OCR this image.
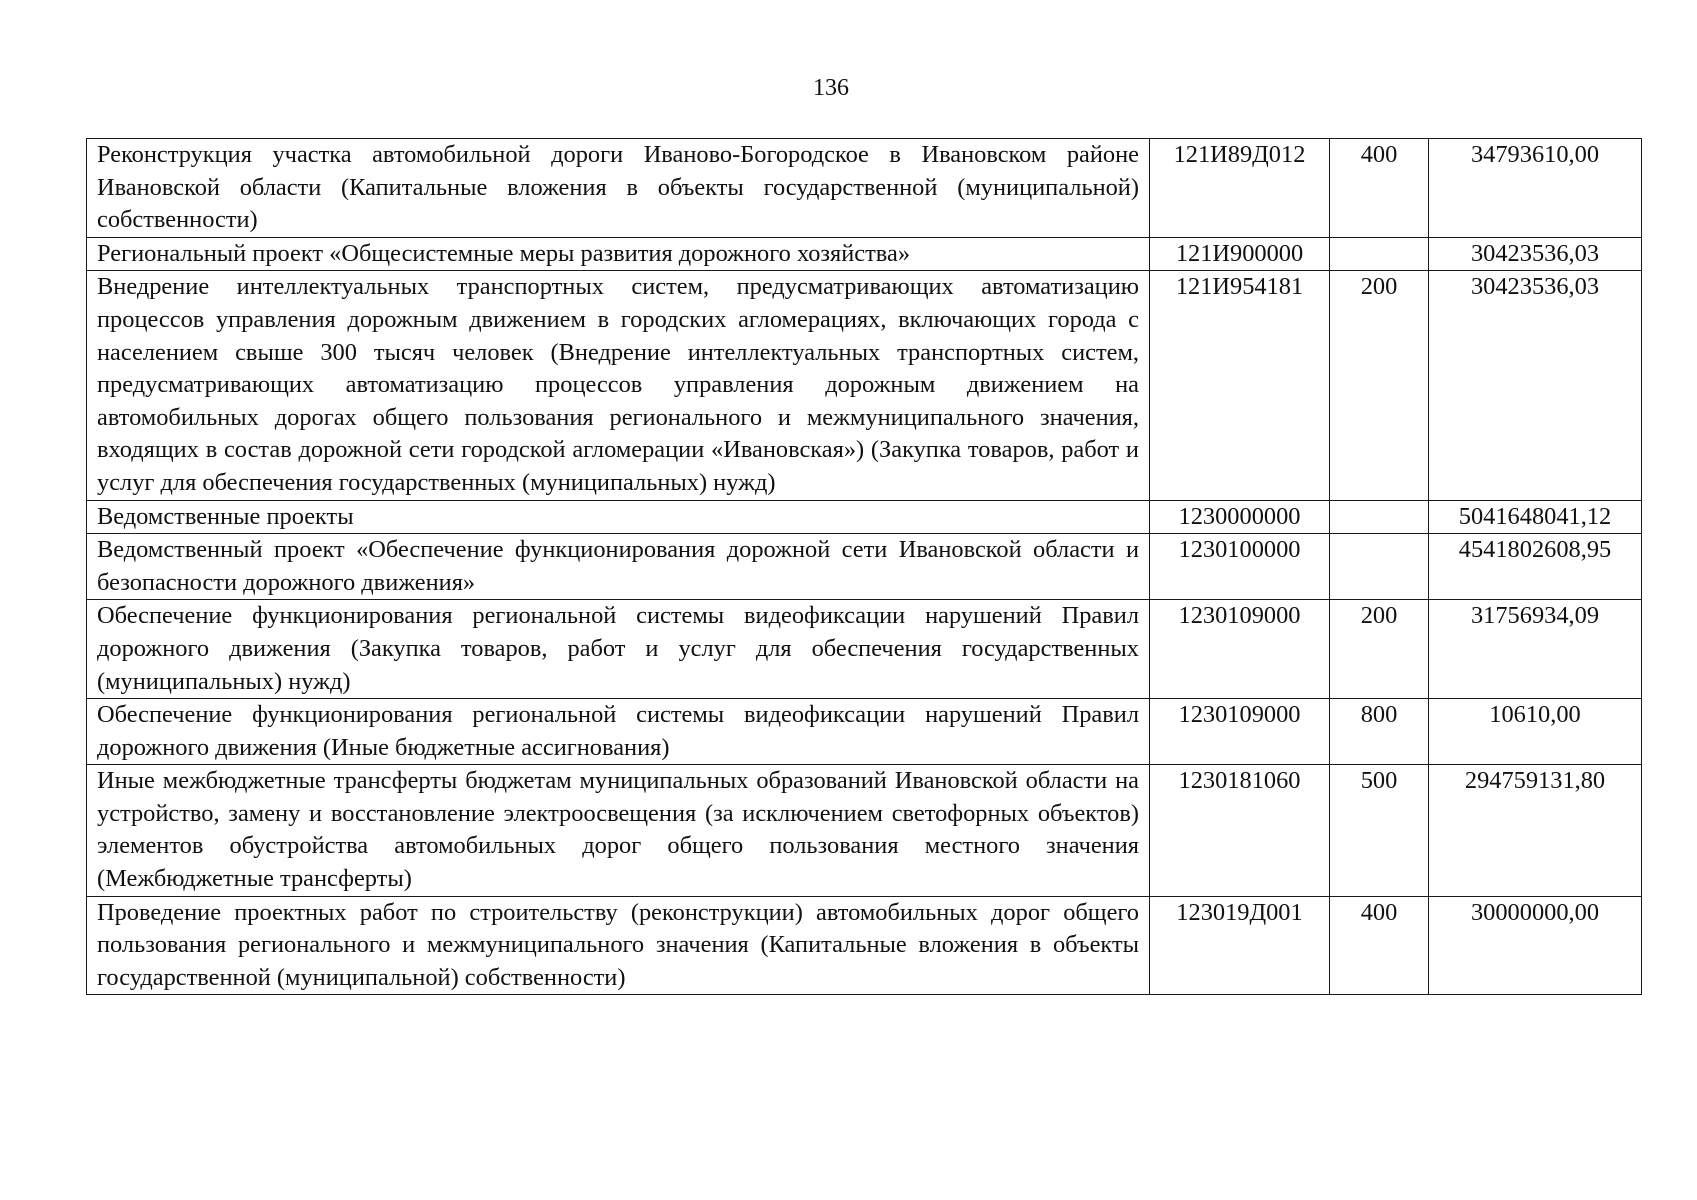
136
Реконструкция участка автомобильной дороги Иваново-Богородское в Ивановском районе Ивановской области (Капитальные вложения в объекты государственной (муниципальной) собственности)	121И89Д012	400	34793610,00
Региональный проект «Общесистемные меры развития дорожного хозяйства»	121И900000		30423536,03
Внедрение интеллектуальных транспортных систем, предусматривающих автоматизацию процессов управления дорожным движением в городских агломерациях, включающих города с населением свыше 300 тысяч человек (Внедрение интеллектуальных транспортных систем, предусматривающих автоматизацию процессов управления дорожным движением на автомобильных дорогах общего пользования регионального и межмуниципального значения, входящих в состав дорожной сети городской агломерации «Ивановская») (Закупка товаров, работ и услуг для обеспечения государственных (муниципальных) нужд)	121И954181	200	30423536,03
Ведомственные проекты	1230000000		5041648041,12
Ведомственный проект «Обеспечение функционирования дорожной сети Ивановской области и безопасности дорожного движения»	1230100000		4541802608,95
Обеспечение функционирования региональной системы видеофиксации нарушений Правил дорожного движения (Закупка товаров, работ и услуг для обеспечения государственных (муниципальных) нужд)	1230109000	200	31756934,09
Обеспечение функционирования региональной системы видеофиксации нарушений Правил дорожного движения (Иные бюджетные ассигнования)	1230109000	800	10610,00
Иные межбюджетные трансферты бюджетам муниципальных образований Ивановской области на устройство, замену и восстановление электроосвещения (за исключением светофорных объектов) элементов обустройства автомобильных дорог общего пользования местного значения (Межбюджетные трансферты)	1230181060	500	294759131,80
Проведение проектных работ по строительству (реконструкции) автомобильных дорог общего пользования регионального и межмуниципального значения (Капитальные вложения в объекты государственной (муниципальной) собственности)	123019Д001	400	30000000,00
